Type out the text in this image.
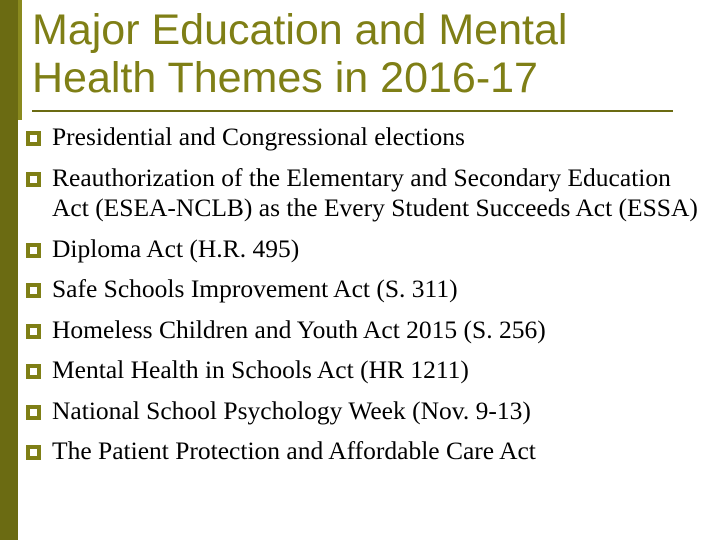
Major Education and Mental
Health Themes in 2016-17
Presidential and Congressional elections
Reauthorization of the Elementary and Secondary Education Act (ESEA-NCLB) as the Every Student Succeeds Act (ESSA)
Diploma Act (H.R. 495)
Safe Schools Improvement Act (S. 311)
Homeless Children and Youth Act 2015 (S. 256)
Mental Health in Schools Act (HR 1211)
National School Psychology Week (Nov. 9-13)
The Patient Protection and Affordable Care Act
